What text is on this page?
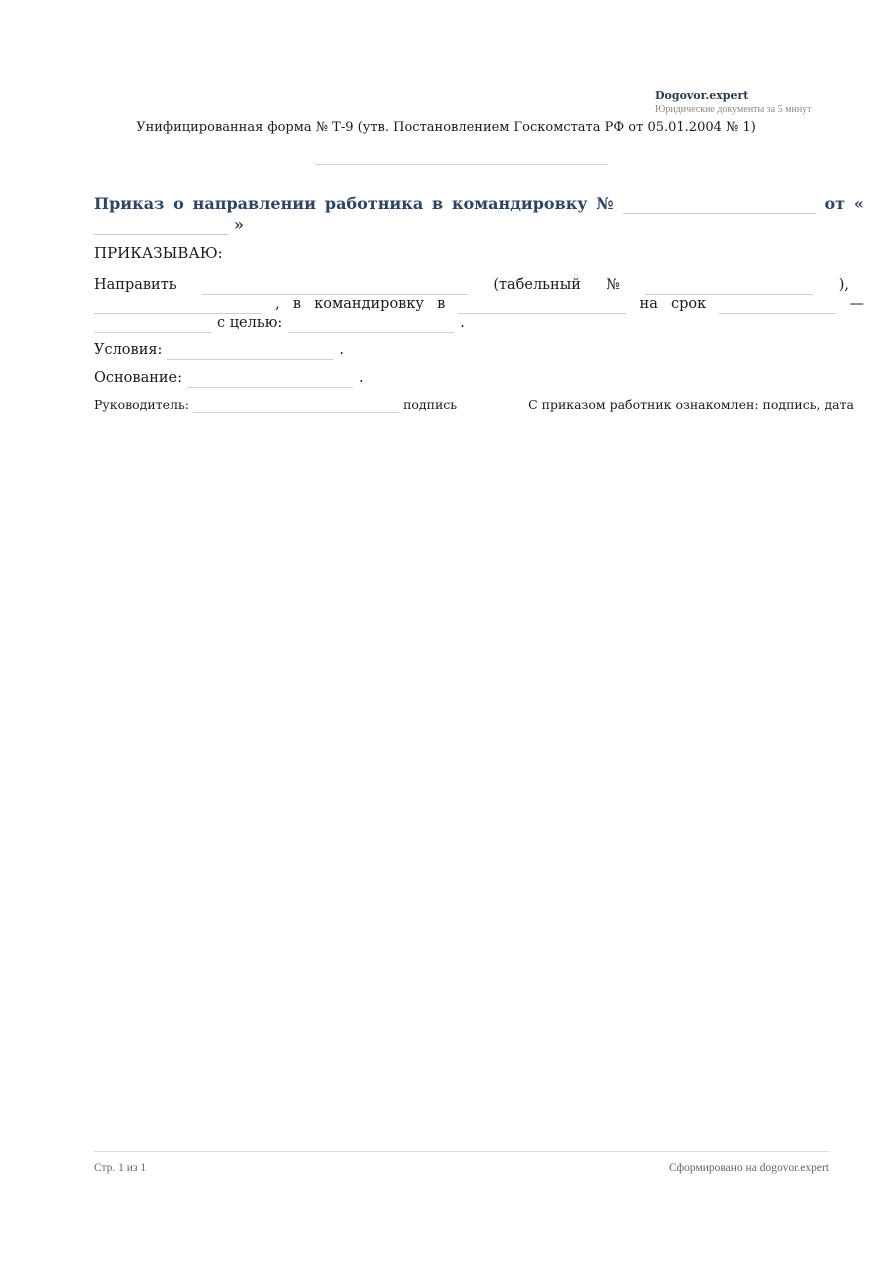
Dogovor.expert
Юридические документы за 5 минут
Унифицированная форма № Т-9 (утв. Постановлением Госкомстата РФ от 05.01.2004 № 1)
Приказ о направлении работника в командировку №	от «
»
ПРИКАЗЫВАЮ:
Направить	(табельный №	),
, в командировку в	на срок	—
с целью:	.
Условия:	.
Основание:	.
Руководитель:	подпись	С приказом работник ознакомлен: подпись, дата
Стр. 1 из 1	Сформировано на dogovor.expert
